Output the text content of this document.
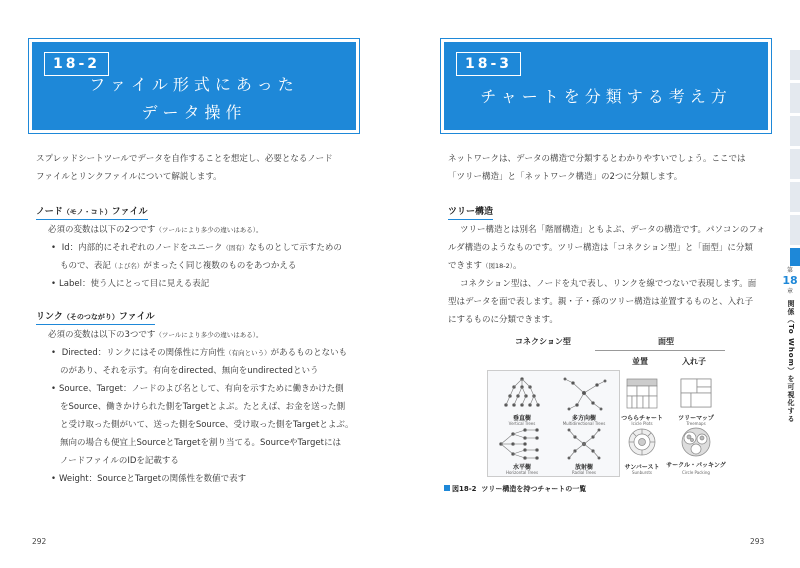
18-2
ファイル形式にあった
データ操作
スプレッドシートツールでデータを自作することを想定し、必要となるノード
ファイルとリンクファイルについて解説します。
ノード（モノ・コト）ファイル
必須の変数は以下の2つです（ツールにより多少の違いはある）。
• Id：内部的にそれぞれのノードをユニーク（固有）なものとして示すための
もので、表記（よび名）がまったく同じ複数のものをあつかえる
• Label：使う人にとって目に見える表記
リンク（そのつながり）ファイル
必須の変数は以下の3つです（ツールにより多少の違いはある）。
• Directed：リンクにはその関係性に方向性（有向という）があるものとないも
のがあり、それを示す。有向をdirected、無向をundirectedという
• Source、Target：ノードのよび名として、有向を示すために働きかけた側
をSource、働きかけられた側をTargetとよぶ。たとえば、お金を送った側
と受け取った側がいて、送った側をSource、受け取った側をTargetとよぶ。
無向の場合も便宜上SourceとTargetを割り当てる。SourceやTargetには
ノードファイルのIDを記載する
• Weight：SourceとTargetの関係性を数値で表す
292
18-3
チャートを分類する考え方
ネットワークは、データの構造で分類するとわかりやすいでしょう。ここでは
「ツリー構造」と「ネットワーク構造」の2つに分類します。
ツリー構造
ツリー構造とは別名「階層構造」ともよぶ、データの構造です。パソコンのフォ
ルダ構造のようなものです。ツリー構造は「コネクション型」と「面型」に分類
できます（図18-2）。
コネクション型は、ノードを丸で表し、リンクを線でつないで表現します。面
型はデータを面で表します。親・子・孫のツリー構造は並置するものと、入れ子
にするものに分類できます。
コネクション型	面型
並置	入れ子
垂直樹
Vertical Trees
多方向樹
Multidirectional Trees
水平樹
Horizontal Trees
放射樹
Radial Trees
つららチャート
Icicle Plots
ツリーマップ
Treemaps
サンバースト
Sunbursts
サークル・パッキング
Circle Packing
図18-2 ツリー構造を持つチャートの一覧
第
18
章
関係（To Whom）を可視化する
293
